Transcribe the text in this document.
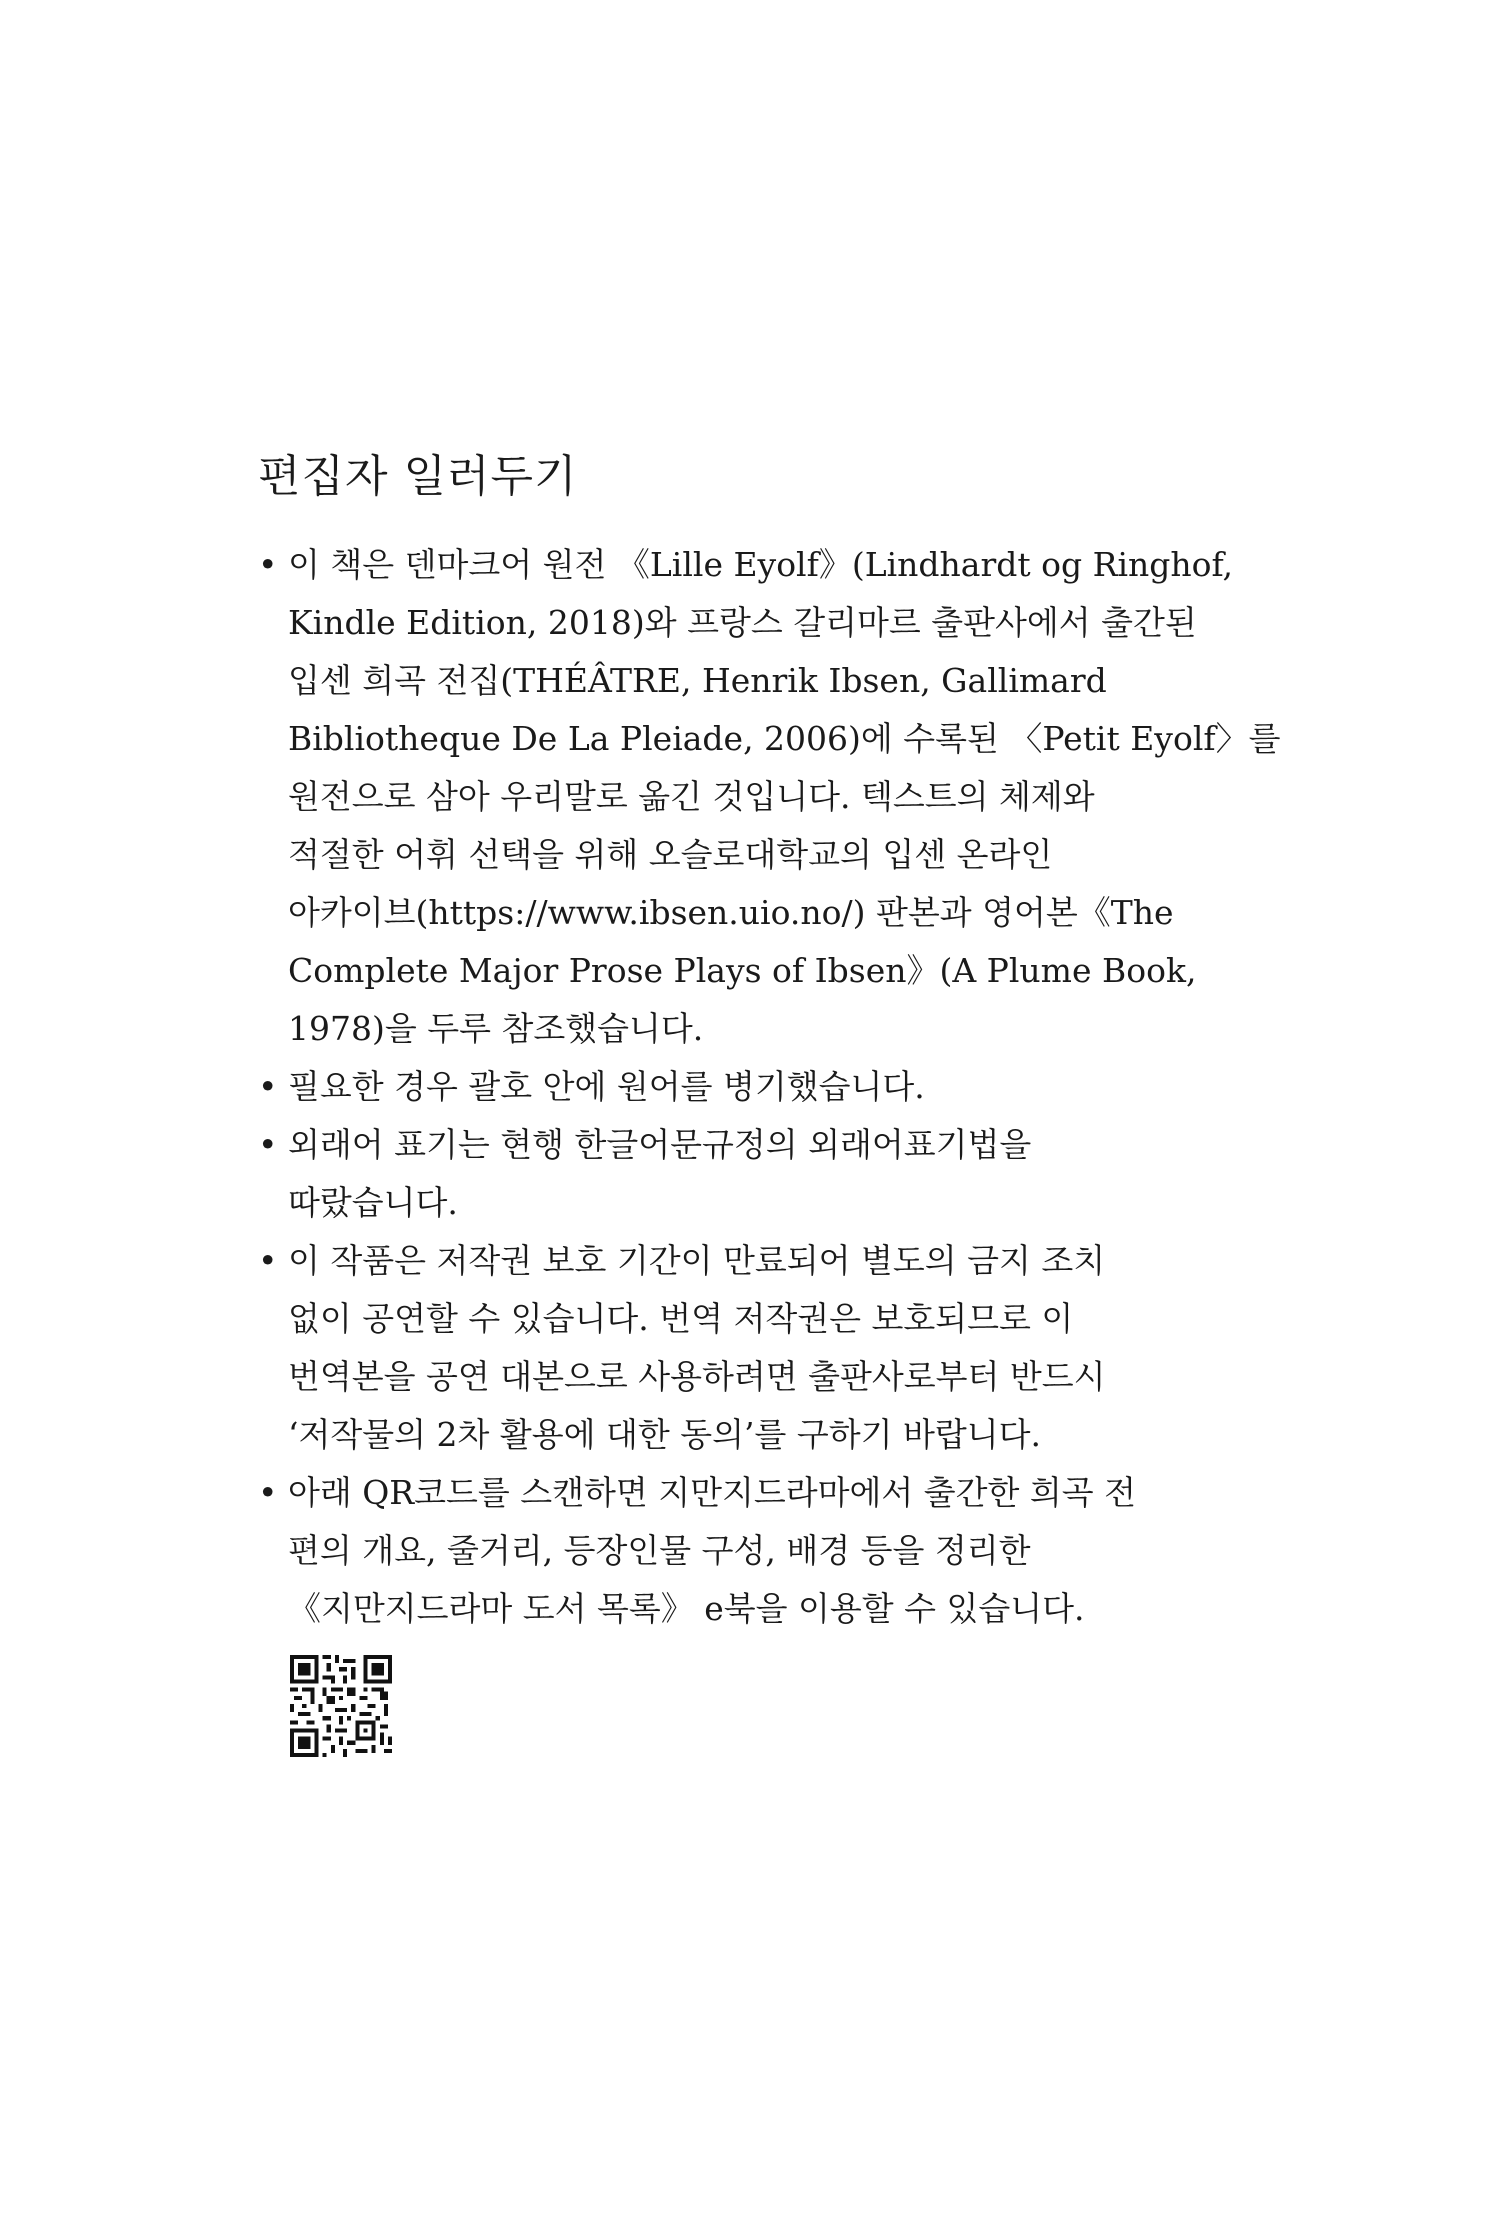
편집자 일러두기
• 이 책은 덴마크어 원전 《Lille Eyolf》(Lindhardt og Ringhof,
Kindle Edition, 2018)와 프랑스 갈리마르 출판사에서 출간된
입센 희곡 전집(THÉÂTRE, Henrik Ibsen, Gallimard
Bibliotheque De La Pleiade, 2006)에 수록된 〈Petit Eyolf〉를
원전으로 삼아 우리말로 옮긴 것입니다. 텍스트의 체제와
적절한 어휘 선택을 위해 오슬로대학교의 입센 온라인
아카이브(https://www.ibsen.uio.no/) 판본과 영어본《The
Complete Major Prose Plays of Ibsen》(A Plume Book,
1978)을 두루 참조했습니다.
• 필요한 경우 괄호 안에 원어를 병기했습니다.
• 외래어 표기는 현행 한글어문규정의 외래어표기법을
따랐습니다.
• 이 작품은 저작권 보호 기간이 만료되어 별도의 금지 조치
없이 공연할 수 있습니다. 번역 저작권은 보호되므로 이
번역본을 공연 대본으로 사용하려면 출판사로부터 반드시
‘저작물의 2차 활용에 대한 동의’를 구하기 바랍니다.
• 아래 QR코드를 스캔하면 지만지드라마에서 출간한 희곡 전
편의 개요, 줄거리, 등장인물 구성, 배경 등을 정리한
《지만지드라마 도서 목록》 e북을 이용할 수 있습니다.
